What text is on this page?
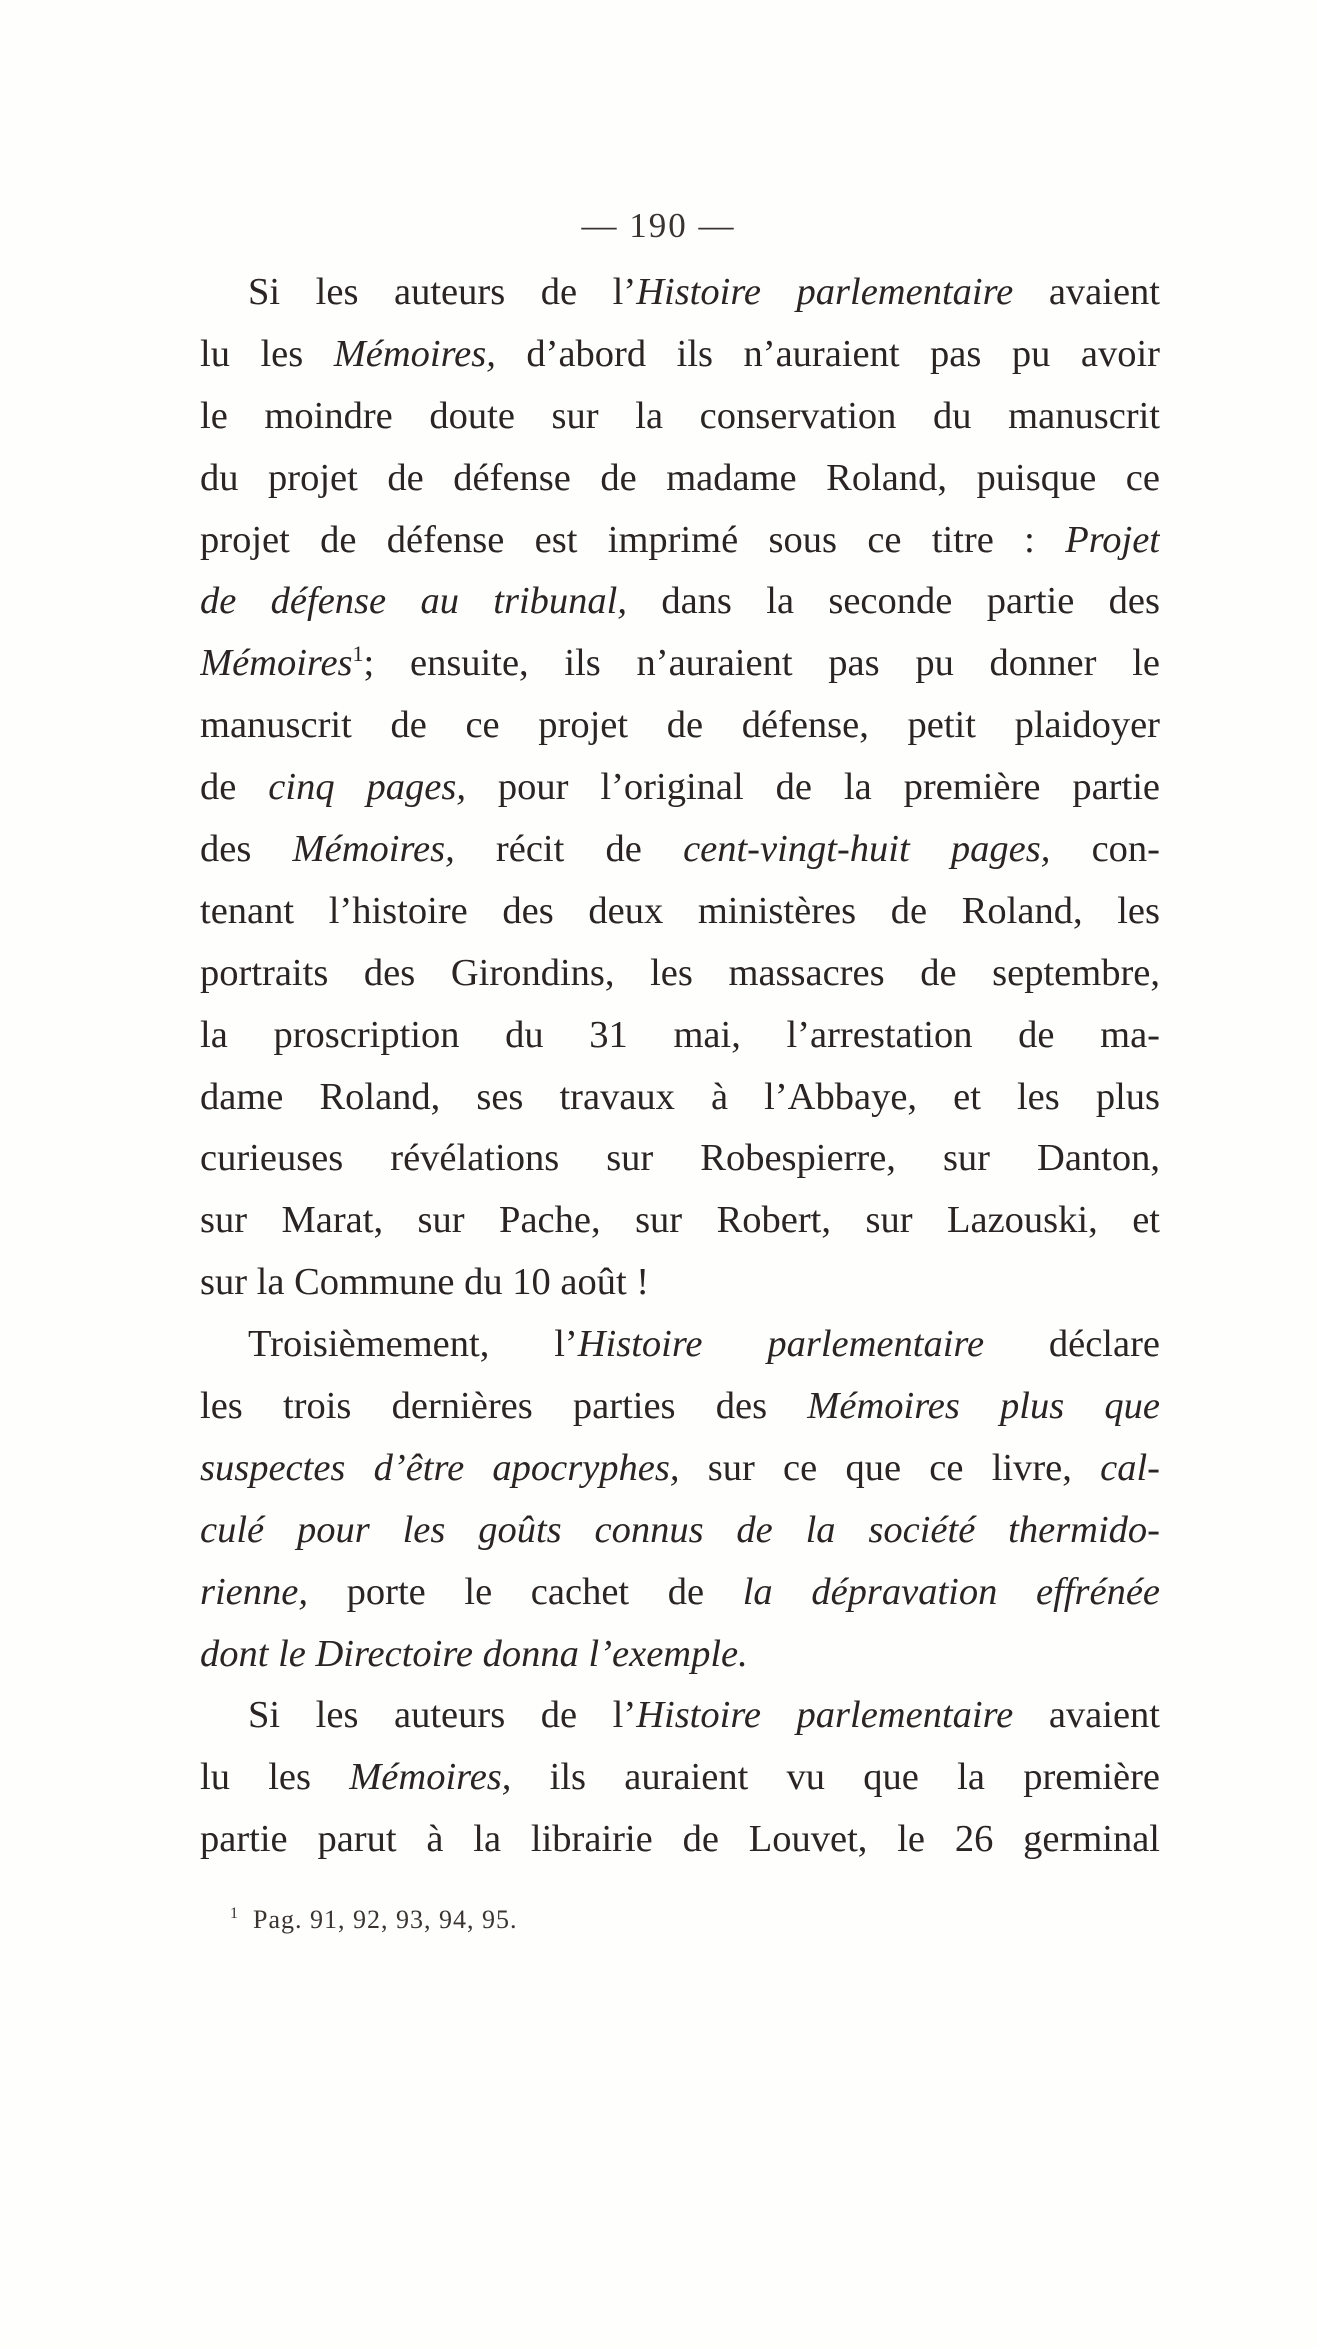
— 190 —
Si les auteurs de l’Histoire parlementaire avaient
lu les Mémoires, d’abord ils n’auraient pas pu avoir
le moindre doute sur la conservation du manuscrit
du projet de défense de madame Roland, puisque ce
projet de défense est imprimé sous ce titre : Projet
de défense au tribunal, dans la seconde partie des
Mémoires$^1$; ensuite, ils n’auraient pas pu donner le
manuscrit de ce projet de défense, petit plaidoyer
de cinq pages, pour l’original de la première partie
des Mémoires, récit de cent-vingt-huit pages, con-
tenant l’histoire des deux ministères de Roland, les
portraits des Girondins, les massacres de septembre,
la proscription du 31 mai, l’arrestation de ma-
dame Roland, ses travaux à l’Abbaye, et les plus
curieuses révélations sur Robespierre, sur Danton,
sur Marat, sur Pache, sur Robert, sur Lazouski, et
sur la Commune du 10 août !
Troisièmement, l’Histoire parlementaire déclare
les trois dernières parties des Mémoires plus que
suspectes d’être apocryphes, sur ce que ce livre, cal-
culé pour les goûts connus de la société thermido-
rienne, porte le cachet de la dépravation effrénée
dont le Directoire donna l’exemple.
Si les auteurs de l’Histoire parlementaire avaient
lu les Mémoires, ils auraient vu que la première
partie parut à la librairie de Louvet, le 26 germinal
$^1$ Pag. 91, 92, 93, 94, 95.
